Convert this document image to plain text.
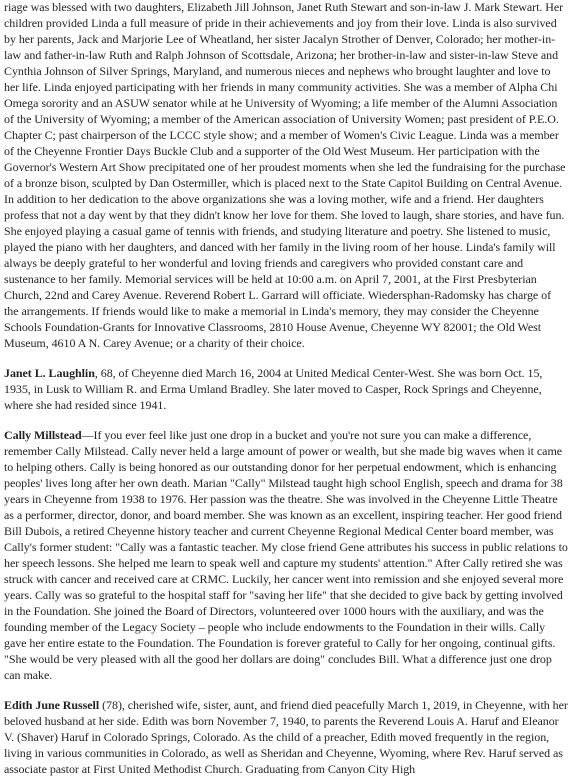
riage was blessed with two daughters, Elizabeth Jill Johnson, Janet Ruth Stewart and son-in-law J. Mark Stewart. Her children provided Linda a full measure of pride in their achievements and joy from their love. Linda is also survived by her parents, Jack and Marjorie Lee of Wheatland, her sister Jacalyn Strother of Denver, Colorado; her mother-in-law and father-in-law Ruth and Ralph Johnson of Scottsdale, Arizona; her brother-in-law and sister-in-law Steve and Cynthia Johnson of Silver Springs, Maryland, and numerous nieces and nephews who brought laughter and love to her life. Linda enjoyed participating with her friends in many community activities. She was a member of Alpha Chi Omega sorority and an ASUW senator while at he University of Wyoming; a life member of the Alumni Association of the University of Wyoming; a member of the American association of University Women; past president of P.E.O. Chapter C; past chairperson of the LCCC style show; and a member of Women's Civic League. Linda was a member of the Cheyenne Frontier Days Buckle Club and a supporter of the Old West Museum. Her participation with the Governor's Western Art Show precipitated one of her proudest moments when she led the fundraising for the purchase of a bronze bison, sculpted by Dan Ostermiller, which is placed next to the State Capitol Building on Central Avenue. In addition to her dedication to the above organizations she was a loving mother, wife and a friend. Her daughters profess that not a day went by that they didn't know her love for them. She loved to laugh, share stories, and have fun. She enjoyed playing a casual game of tennis with friends, and studying literature and poetry. She listened to music, played the piano with her daughters, and danced with her family in the living room of her house. Linda's family will always be deeply grateful to her wonderful and loving friends and caregivers who provided constant care and sustenance to her family. Memorial services will be held at 10:00 a.m. on April 7, 2001, at the First Presbyterian Church, 22nd and Carey Avenue. Reverend Robert L. Garrard will officiate. Wiedersphan-Radomsky has charge of the arrangements. If friends would like to make a memorial in Linda's memory, they may consider the Cheyenne Schools Foundation-Grants for Innovative Classrooms, 2810 House Avenue, Cheyenne WY 82001; the Old West Museum, 4610 A N. Carey Avenue; or a charity of their choice.

Janet L. Laughlin, 68, of Cheyenne died March 16, 2004 at United Medical Center-West. She was born Oct. 15, 1935, in Lusk to William R. and Erma Umland Bradley. She later moved to Casper, Rock Springs and Cheyenne, where she had resided since 1941.

Cally Millstead—If you ever feel like just one drop in a bucket and you're not sure you can make a difference, remember Cally Milstead. Cally never held a large amount of power or wealth, but she made big waves when it came to helping others. Cally is being honored as our outstanding donor for her perpetual endowment, which is enhancing peoples' lives long after her own death. Marian "Cally" Milstead taught high school English, speech and drama for 38 years in Cheyenne from 1938 to 1976. Her passion was the theatre. She was involved in the Cheyenne Little Theatre as a performer, director, donor, and board member. She was known as an excellent, inspiring teacher. Her good friend Bill Dubois, a retired Cheyenne history teacher and current Cheyenne Regional Medical Center board member, was Cally's former student: "Cally was a fantastic teacher. My close friend Gene attributes his success in public relations to her speech lessons. She helped me learn to speak well and capture my students' attention." After Cally retired she was struck with cancer and received care at CRMC. Luckily, her cancer went into remission and she enjoyed several more years. Cally was so grateful to the hospital staff for "saving her life" that she decided to give back by getting involved in the Foundation. She joined the Board of Directors, volunteered over 1000 hours with the auxiliary, and was the founding member of the Legacy Society – people who include endowments to the Foundation in their wills. Cally gave her entire estate to the Foundation. The Foundation is forever grateful to Cally for her ongoing, continual gifts. "She would be very pleased with all the good her dollars are doing" concludes Bill. What a difference just one drop can make.

Edith June Russell (78), cherished wife, sister, aunt, and friend died peacefully March 1, 2019, in Cheyenne, with her beloved husband at her side. Edith was born November 7, 1940, to parents the Reverend Louis A. Haruf and Eleanor V. (Shaver) Haruf in Colorado Springs, Colorado. As the child of a preacher, Edith moved frequently in the region, living in various communities in Colorado, as well as Sheridan and Cheyenne, Wyoming, where Rev. Haruf served as associate pastor at First United Methodist Church. Graduating from Canyon City High
